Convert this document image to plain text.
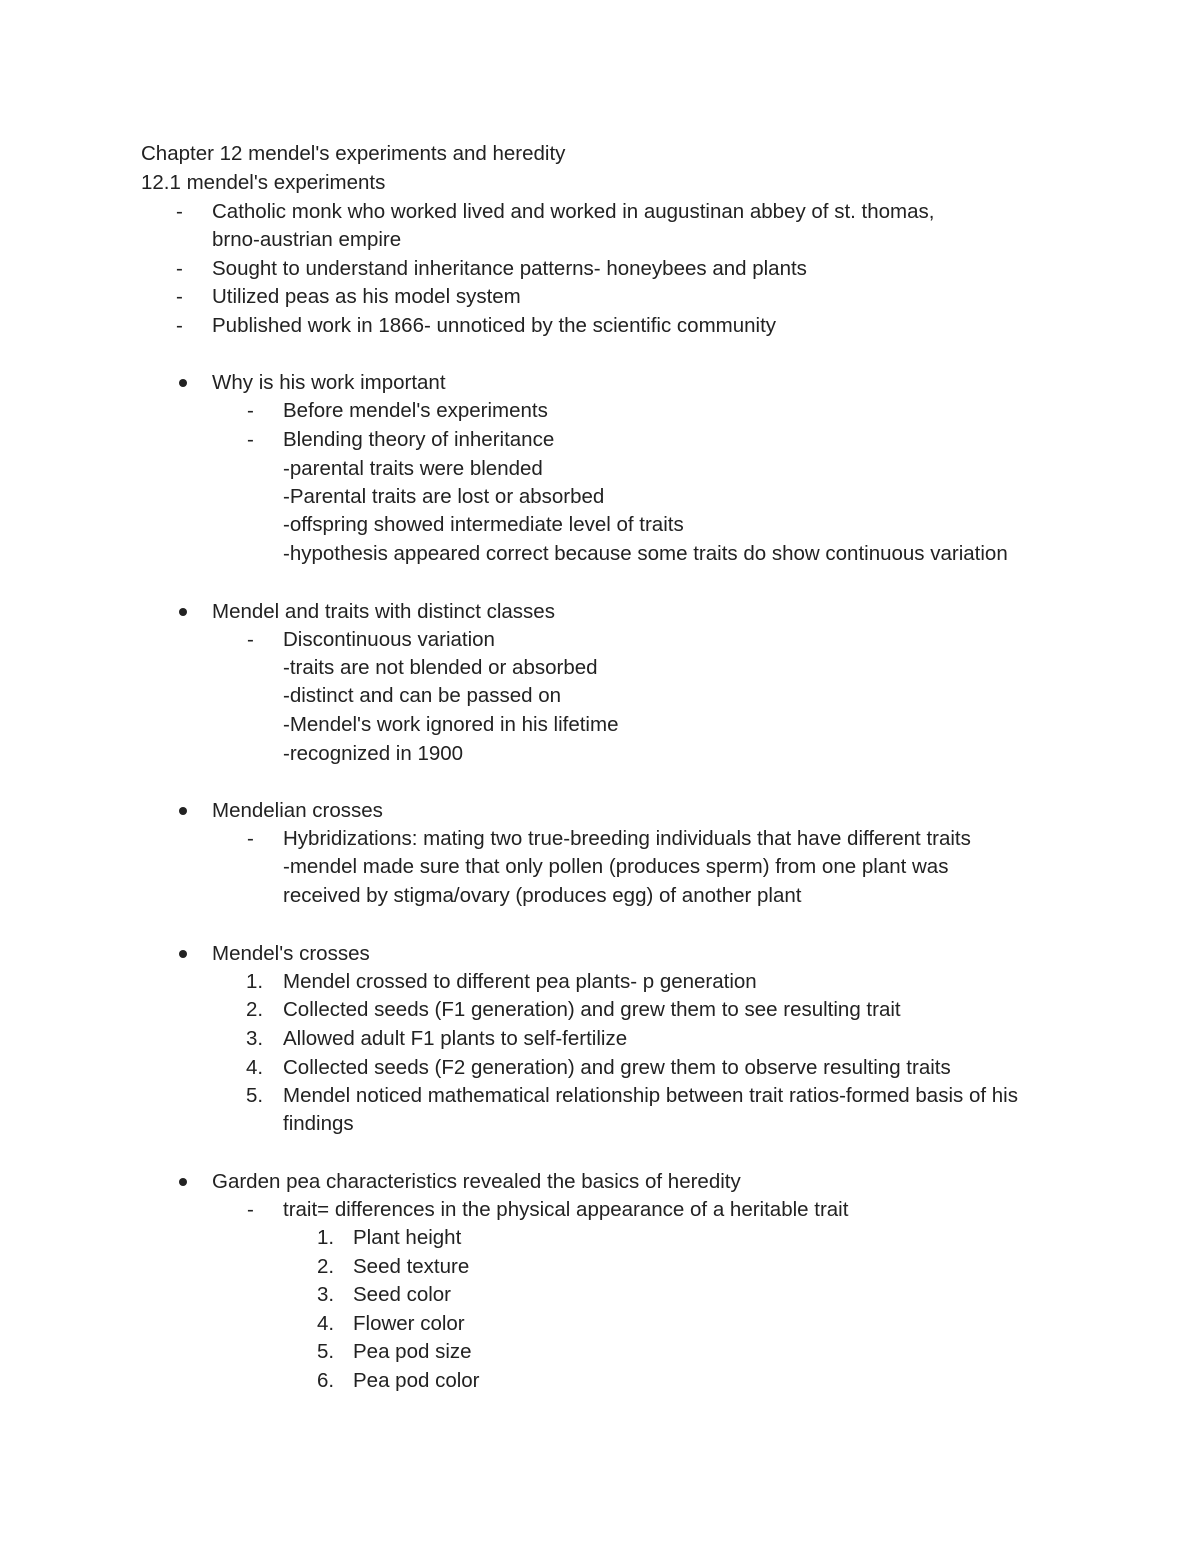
Chapter 12 mendel's experiments and heredity
12.1 mendel's experiments
- Catholic monk who worked lived and worked in augustinan abbey of st. thomas,
brno-austrian empire
- Sought to understand inheritance patterns- honeybees and plants
- Utilized peas as his model system
- Published work in 1866- unnoticed by the scientific community
Why is his work important
- Before mendel's experiments
- Blending theory of inheritance
-parental traits were blended
-Parental traits are lost or absorbed
-offspring showed intermediate level of traits
-hypothesis appeared correct because some traits do show continuous variation
Mendel and traits with distinct classes
- Discontinuous variation
-traits are not blended or absorbed
-distinct and can be passed on
-Mendel's work ignored in his lifetime
-recognized in 1900
Mendelian crosses
- Hybridizations: mating two true-breeding individuals that have different traits
-mendel made sure that only pollen (produces sperm) from one plant was
received by stigma/ovary (produces egg) of another plant
Mendel's crosses
1. Mendel crossed to different pea plants- p generation
2. Collected seeds (F1 generation) and grew them to see resulting trait
3. Allowed adult F1 plants to self-fertilize
4. Collected seeds (F2 generation) and grew them to observe resulting traits
5. Mendel noticed mathematical relationship between trait ratios-formed basis of his
findings
Garden pea characteristics revealed the basics of heredity
- trait= differences in the physical appearance of a heritable trait
1. Plant height
2. Seed texture
3. Seed color
4. Flower color
5. Pea pod size
6. Pea pod color
